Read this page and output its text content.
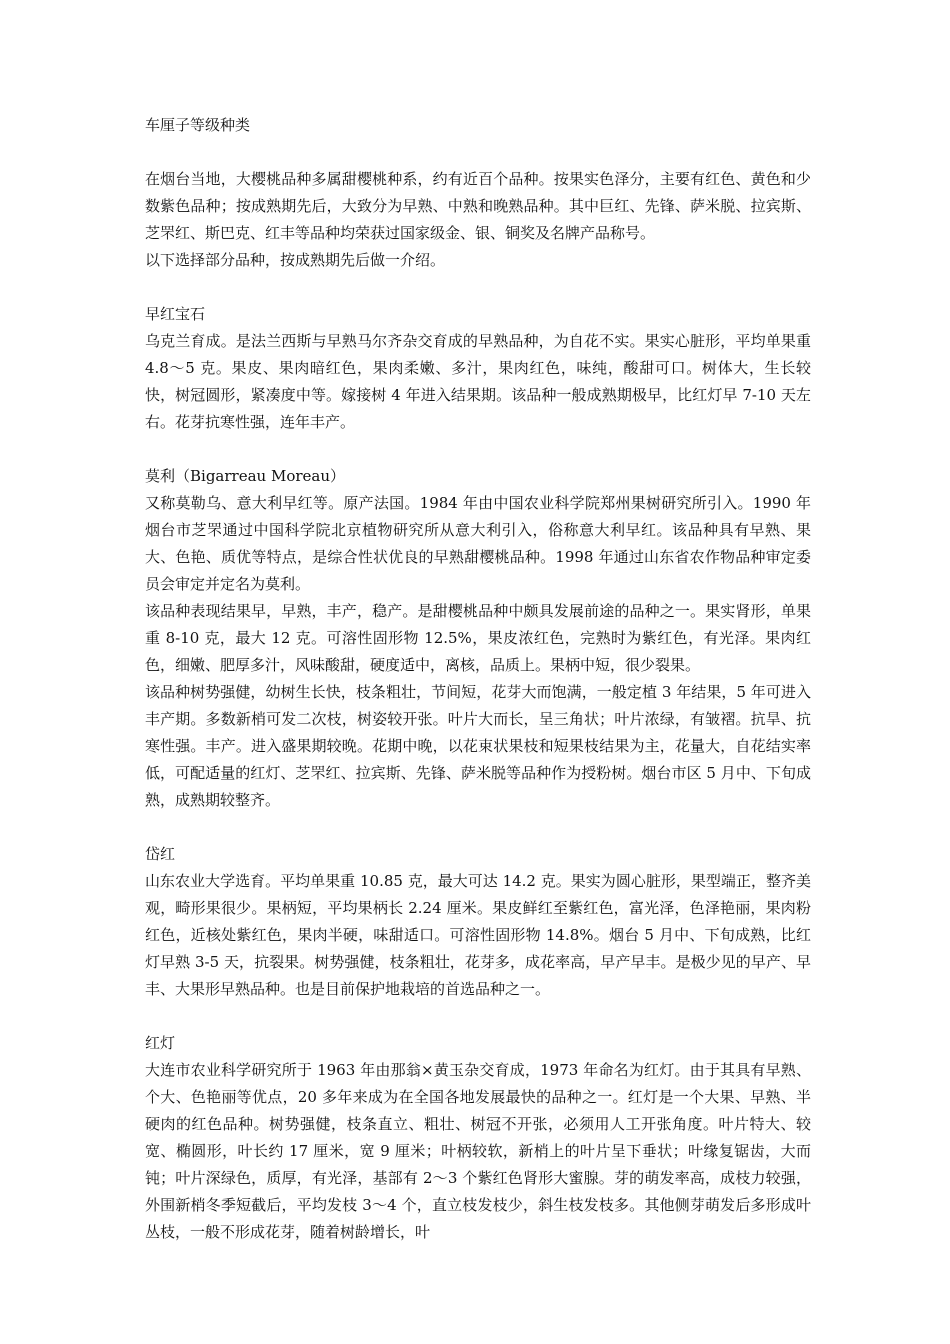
车厘子等级种类

在烟台当地，大樱桃品种多属甜樱桃种系，约有近百个品种。按果实色泽分，主要有红色、黄色和少数紫色品种；按成熟期先后，大致分为早熟、中熟和晚熟品种。其中巨红、先锋、萨米脱、拉宾斯、芝罘红、斯巴克、红丰等品种均荣获过国家级金、银、铜奖及名牌产品称号。

以下选择部分品种，按成熟期先后做一介绍。

早红宝石

乌克兰育成。是法兰西斯与早熟马尔齐杂交育成的早熟品种，为自花不实。果实心脏形，平均单果重 4.8～5 克。果皮、果肉暗红色，果肉柔嫩、多汁，果肉红色，味纯，酸甜可口。树体大，生长较快，树冠圆形，紧凑度中等。嫁接树 4 年进入结果期。该品种一般成熟期极早，比红灯早 7-10 天左右。花芽抗寒性强，连年丰产。

莫利（Bigarreau Moreau）

又称莫勒乌、意大利早红等。原产法国。1984 年由中国农业科学院郑州果树研究所引入。1990 年烟台市芝罘通过中国科学院北京植物研究所从意大利引入，俗称意大利早红。该品种具有早熟、果大、色艳、质优等特点，是综合性状优良的早熟甜樱桃品种。1998 年通过山东省农作物品种审定委员会审定并定名为莫利。

该品种表现结果早，早熟，丰产，稳产。是甜樱桃品种中颇具发展前途的品种之一。果实肾形，单果重 8-10 克，最大 12 克。可溶性固形物 12.5%，果皮浓红色，完熟时为紫红色，有光泽。果肉红色，细嫩、肥厚多汁，风味酸甜，硬度适中，离核，品质上。果柄中短，很少裂果。

该品种树势强健，幼树生长快，枝条粗壮，节间短，花芽大而饱满，一般定植 3 年结果，5 年可进入丰产期。多数新梢可发二次枝，树姿较开张。叶片大而长，呈三角状；叶片浓绿，有皱褶。抗旱、抗寒性强。丰产。进入盛果期较晚。花期中晚，以花束状果枝和短果枝结果为主，花量大，自花结实率低，可配适量的红灯、芝罘红、拉宾斯、先锋、萨米脱等品种作为授粉树。烟台市区 5 月中、下旬成熟，成熟期较整齐。

岱红

山东农业大学选育。平均单果重 10.85 克，最大可达 14.2 克。果实为圆心脏形，果型端正，整齐美观，畸形果很少。果柄短，平均果柄长 2.24 厘米。果皮鲜红至紫红色，富光泽，色泽艳丽，果肉粉红色，近核处紫红色，果肉半硬，味甜适口。可溶性固形物 14.8%。烟台 5 月中、下旬成熟，比红灯早熟 3-5 天，抗裂果。树势强健，枝条粗壮，花芽多，成花率高，早产早丰。是极少见的早产、早丰、大果形早熟品种。也是目前保护地栽培的首选品种之一。

红灯

大连市农业科学研究所于 1963 年由那翁×黄玉杂交育成，1973 年命名为红灯。由于其具有早熟、个大、色艳丽等优点，20 多年来成为在全国各地发展最快的品种之一。红灯是一个大果、早熟、半硬肉的红色品种。树势强健，枝条直立、粗壮、树冠不开张，必须用人工开张角度。叶片特大、较宽、椭圆形，叶长约 17 厘米，宽 9 厘米；叶柄较软，新梢上的叶片呈下垂状；叶缘复锯齿，大而钝；叶片深绿色，质厚，有光泽，基部有 2～3 个紫红色肾形大蜜腺。芽的萌发率高，成枝力较强，外围新梢冬季短截后，平均发枝 3～4 个，直立枝发枝少，斜生枝发枝多。其他侧芽萌发后多形成叶丛枝，一般不形成花芽，随着树龄增长，叶
